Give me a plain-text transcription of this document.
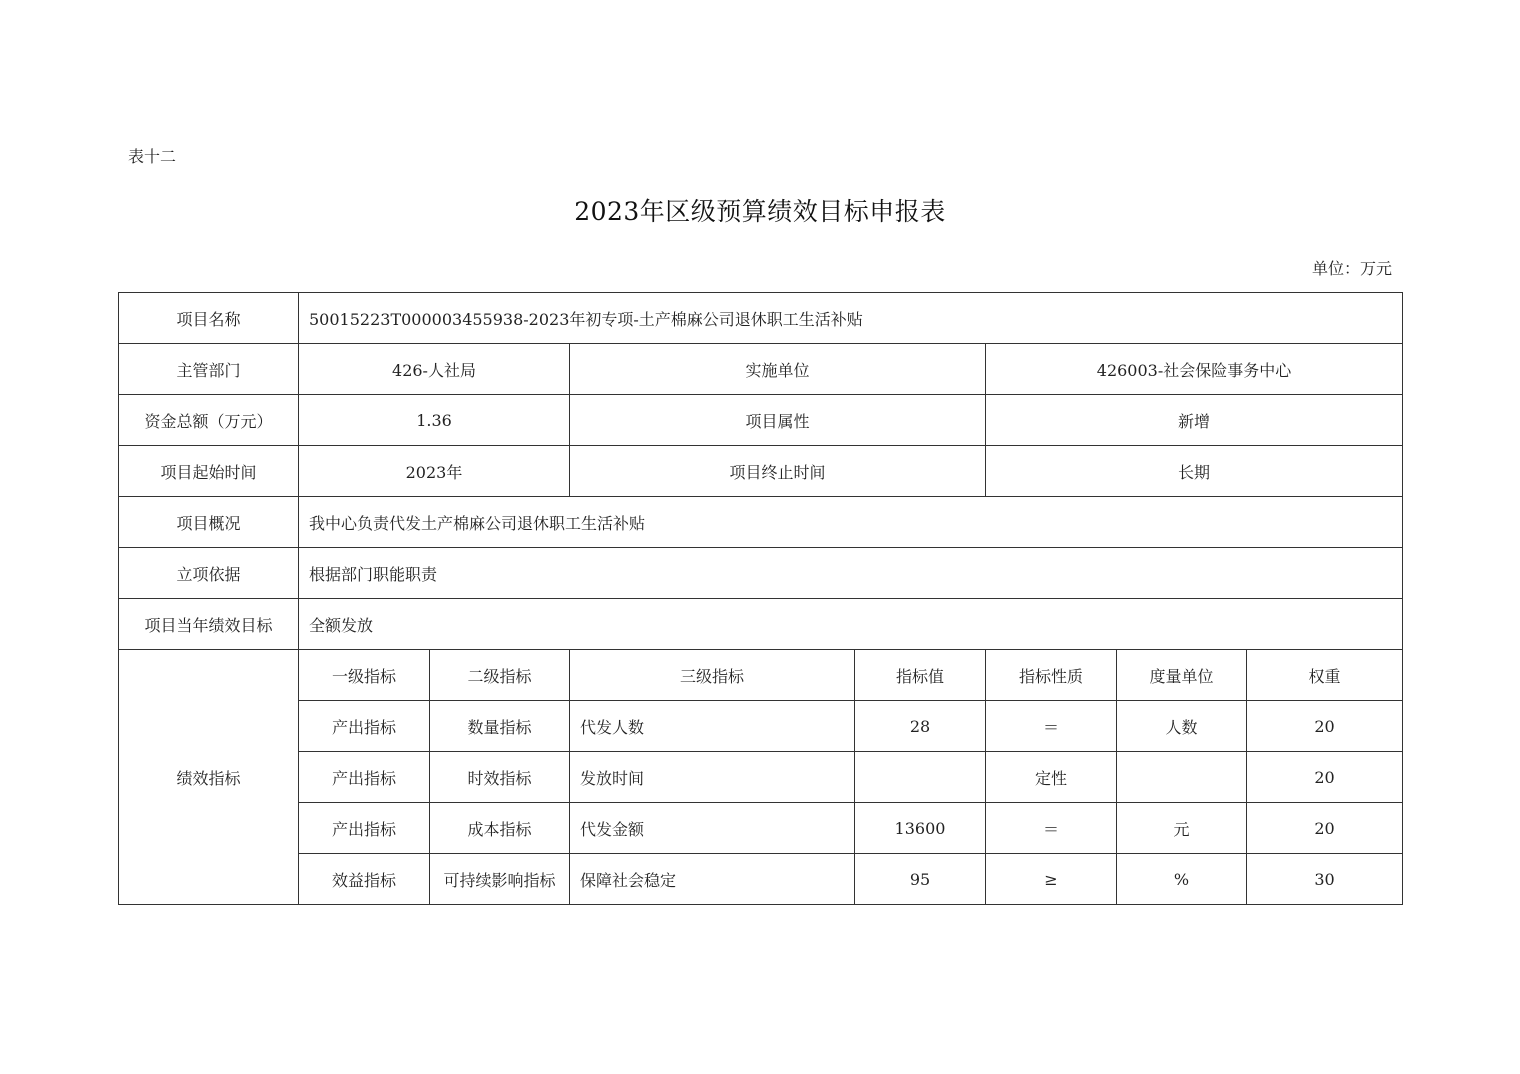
表十二
2023年区级预算绩效目标申报表
单位：万元
项目名称	50015223T000003455938-2023年初专项-土产棉麻公司退休职工生活补贴						
主管部门	426-人社局		实施单位		426003-社会保险事务中心		
资金总额（万元）	1.36		项目属性		新增		
项目起始时间	2023年		项目终止时间		长期		
项目概况	我中心负责代发土产棉麻公司退休职工生活补贴						
立项依据	根据部门职能职责						
项目当年绩效目标	全额发放						
绩效指标	一级指标	二级指标	三级指标	指标值	指标性质	度量单位	权重
	产出指标	数量指标	代发人数	28	＝	人数	20
	产出指标	时效指标	发放时间		定性		20
	产出指标	成本指标	代发金额	13600	＝	元	20
	效益指标	可持续影响指标	保障社会稳定	95	≥	%	30
